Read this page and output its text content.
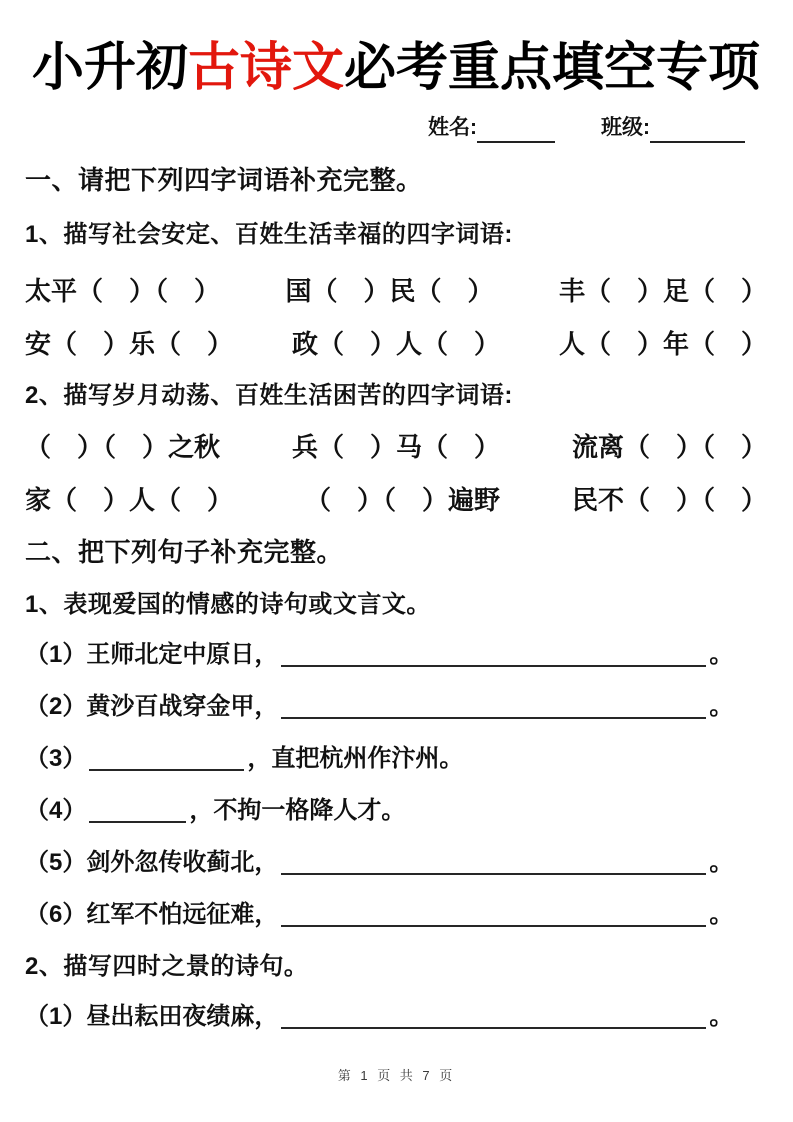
小升初古诗文必考重点填空专项
姓名:	班级:
一、请把下列四字词语补充完整。
1、描写社会安定、百姓生活幸福的四字词语:
太平（　）（　）	国（　）民（　）	丰（　）足（　）
安（　）乐（　） 政（　）人（　） 人（　）年（　）
2、描写岁月动荡、百姓生活困苦的四字词语:
（　）（　）之秋	兵（　）马（　）	流离（　）（　）
家（　）人（　）	（　）（　）遍野	民不（　）（　）
二、把下列句子补充完整。
1、表现爱国的情感的诗句或文言文。
（1）王师北定中原日，	。
（2）黄沙百战穿金甲，	。
（3）	，直把杭州作汴州。
（4）	，不拘一格降人才。
（5）剑外忽传收蓟北，	。
（6）红军不怕远征难，	。
2、描写四时之景的诗句。
（1）昼出耘田夜绩麻，	。
第 1 页 共 7 页
